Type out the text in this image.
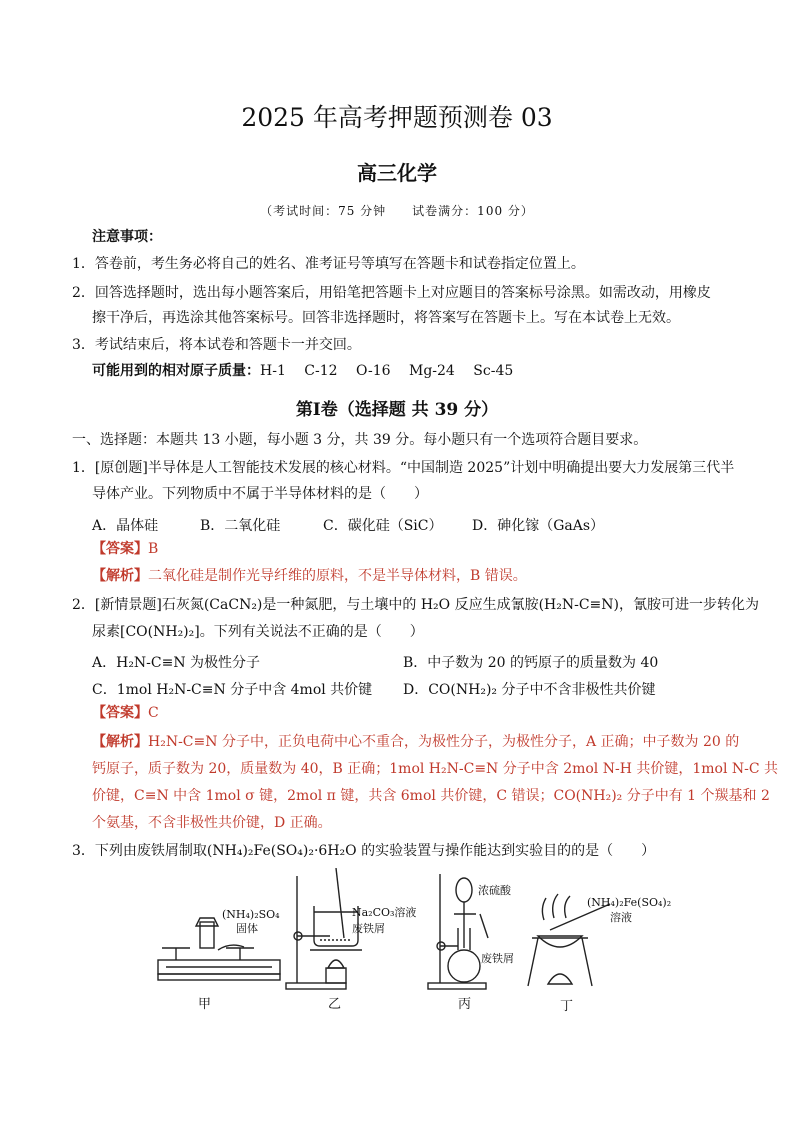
2025 年高考押题预测卷 03
高三化学
（考试时间：75 分钟　　试卷满分：100 分）
注意事项：
1．答卷前，考生务必将自己的姓名、准考证号等填写在答题卡和试卷指定位置上。
2．回答选择题时，选出每小题答案后，用铅笔把答题卡上对应题目的答案标号涂黑。如需改动，用橡皮
擦干净后，再选涂其他答案标号。回答非选择题时，将答案写在答题卡上。写在本试卷上无效。
3．考试结束后，将本试卷和答题卡一并交回。
可能用到的相对原子质量：H-1　 C-12　 O-16　 Mg-24　 Sc-45
第Ⅰ卷（选择题 共 39 分）
一、选择题：本题共 13 小题，每小题 3 分，共 39 分。每小题只有一个选项符合题目要求。
1．[原创题]半导体是人工智能技术发展的核心材料。“中国制造 2025”计划中明确提出要大力发展第三代半
导体产业。下列物质中不属于半导体材料的是（　　）
A．晶体硅	B．二氧化硅	C．碳化硅（SiC） D．砷化镓（GaAs）
【答案】B
【解析】二氧化硅是制作光导纤维的原料，不是半导体材料，B 错误。
2．[新情景题]石灰氮(CaCN₂)是一种氮肥，与土壤中的 H₂O 反应生成氰胺(H₂N-C≡N)，氰胺可进一步转化为
尿素[CO(NH₂)₂]。下列有关说法不正确的是（　　）
A．H₂N-C≡N 为极性分子	B．中子数为 20 的钙原子的质量数为 40
C．1mol H₂N-C≡N 分子中含 4mol 共价键 D．CO(NH₂)₂ 分子中不含非极性共价键
【答案】C
【解析】H₂N-C≡N 分子中，正负电荷中心不重合，为极性分子，为极性分子，A 正确；中子数为 20 的
钙原子，质子数为 20，质量数为 40，B 正确；1mol H₂N-C≡N 分子中含 2mol N-H 共价键，1mol N-C 共
价键，C≡N 中含 1mol σ 键，2mol π 键，共含 6mol 共价键，C 错误；CO(NH₂)₂ 分子中有 1 个羰基和 2
个氨基，不含非极性共价键，D 正确。
3．下列由废铁屑制取(NH₄)₂Fe(SO₄)₂·6H₂O 的实验装置与操作能达到实验目的的是（　　）
(NH₄)₂SO₄
固体
Na₂CO₃溶液
废铁屑
浓硫酸
废铁屑
(NH₄)₂Fe(SO₄)₂
溶液
甲	乙	丙	丁
